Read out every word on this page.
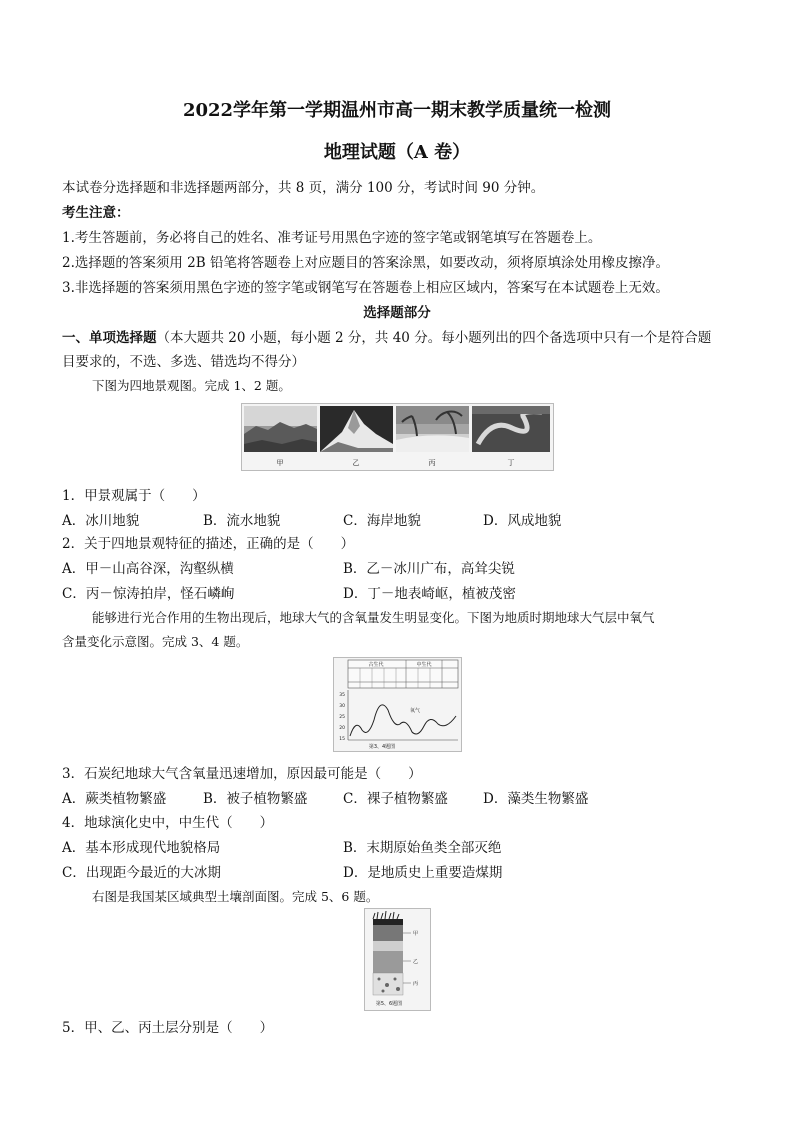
2022学年第一学期温州市高一期末教学质量统一检测
地理试题（A 卷）
本试卷分选择题和非选择题两部分，共 8 页，满分 100 分，考试时间 90 分钟。
考生注意：
1.考生答题前，务必将自己的姓名、准考证号用黑色字迹的签字笔或钢笔填写在答题卷上。
2.选择题的答案须用 2B 铅笔将答题卷上对应题目的答案涂黑，如要改动，须将原填涂处用橡皮擦净。
3.非选择题的答案须用黑色字迹的签字笔或钢笔写在答题卷上相应区域内，答案写在本试题卷上无效。
选择题部分
一、单项选择题（本大题共 20 小题，每小题 2 分，共 40 分。每小题列出的四个备选项中只有一个是符合题
目要求的，不选、多选、错选均不得分）
下图为四地景观图。完成 1、2 题。
甲	乙	丙	丁
1．甲景观属于（　　）
A．冰川地貌	B．流水地貌	C．海岸地貌	D．风成地貌
2．关于四地景观特征的描述，正确的是（　　）
A．甲－山高谷深，沟壑纵横	B．乙－冰川广布，高耸尖锐
C．丙－惊涛拍岸，怪石嶙峋	D．丁－地表崎岖，植被茂密
能够进行光合作用的生物出现后，地球大气的含氧量发生明显变化。下图为地质时期地球大气层中氧气
含量变化示意图。完成 3、4 题。
古生代	中生代
35
30
25
20
15
氧气
第3、4题图
3．石炭纪地球大气含氧量迅速增加，原因最可能是（　　）
A．蕨类植物繁盛	B．被子植物繁盛	C．裸子植物繁盛	D．藻类生物繁盛
4．地球演化史中，中生代（　　）
A．基本形成现代地貌格局	B．末期原始鱼类全部灭绝
C．出现距今最近的大冰期	D．是地质史上重要造煤期
右图是我国某区域典型土壤剖面图。完成 5、6 题。
甲
乙
丙
第5、6题图
5．甲、乙、丙土层分别是（　　）
